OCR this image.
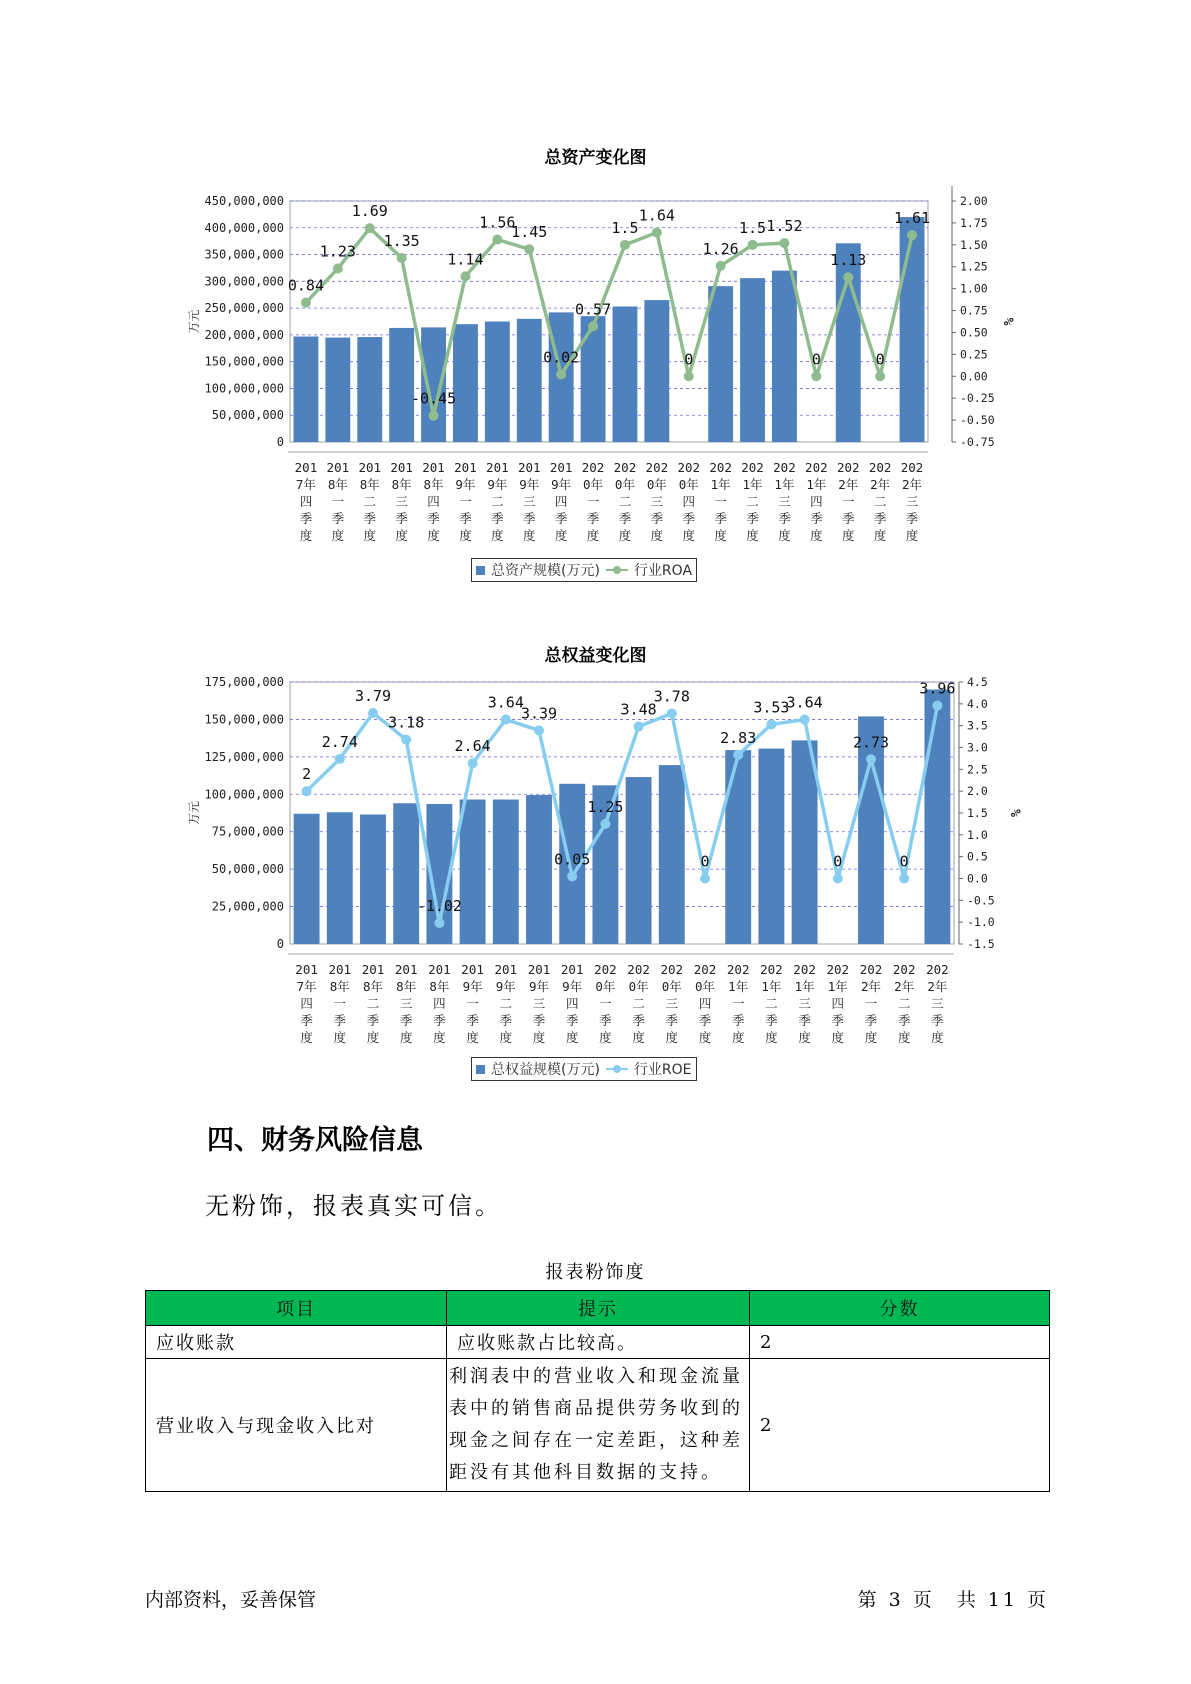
总资产变化图
0
50,000,000
100,000,000
150,000,000
200,000,000
250,000,000
300,000,000
350,000,000
400,000,000
450,000,000
-0.75
-0.50
-0.25
0.00
0.25
0.50
0.75
1.00
1.25
1.50
1.75
2.00
万元	%
0.84
1.23
1.69
1.35
-0.45
1.14
1.56
1.45
0.02
0.57
1.5
1.64
0
1.26
1.5 1.52
0
1.13
0
1.61
201 7年四季度
201 8年一季度
201 8年二季度
201 8年三季度
201 8年四季度
201 9年一季度
201 9年二季度
201 9年三季度
201 9年四季度
202 0年一季度
202 0年二季度
202 0年三季度
202 0年四季度
202 1年一季度
202 1年二季度
202 1年三季度
202 1年四季度
202 2年一季度
202 2年二季度
202 2年三季度
总资产规模(万元) 行业ROA
总权益变化图
0
25,000,000
50,000,000
75,000,000
100,000,000
125,000,000
150,000,000
175,000,000
-1.5
-1.0
-0.5
0.0
0.5
1.0
1.5
2.0
2.5
3.0
3.5
4.0
4.5
万元	%
2
2.74
3.79
3.18
-1.02
2.64
3.64
3.39
0.05
1.25
3.48
3.78
0
2.83
3.53
3.64
0
2.73
0
3.96
201 7年四季度
201 8年一季度
201 8年二季度
201 8年三季度
201 8年四季度
201 9年一季度
201 9年二季度
201 9年三季度
201 9年四季度
202 0年一季度
202 0年二季度
202 0年三季度
202 0年四季度
202 1年一季度
202 1年二季度
202 1年三季度
202 1年四季度
202 2年一季度
202 2年二季度
202 2年三季度
总权益规模(万元) 行业ROE
四、财务风险信息

无粉饰，报表真实可信。

报表粉饰度
项目	提示	分数
应收账款	应收账款占比较高。	2
营业收入与现金收入比对	利润表中的营业收入和现金流量表中的销售商品提供劳务收到的现金之间存在一定差距，这种差距没有其他科目数据的支持。	2
内部资料，妥善保管	第 3 页　共 11 页
